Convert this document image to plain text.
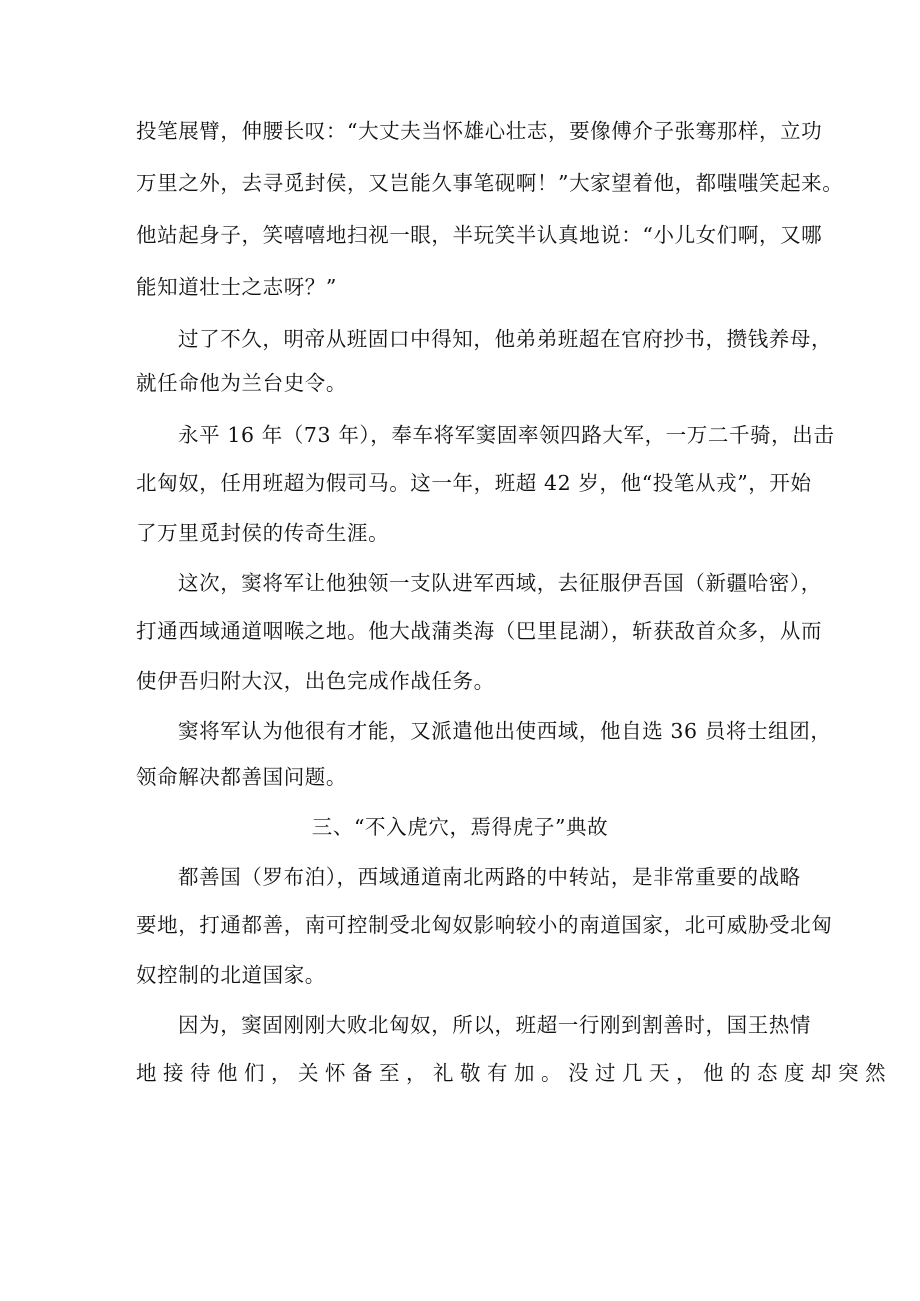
投笔展臂，伸腰长叹：“大丈夫当怀雄心壮志，要像傅介子张骞那样，立功
万里之外，去寻觅封侯，又岂能久事笔砚啊！”大家望着他，都嗤嗤笑起来。
他站起身子，笑嘻嘻地扫视一眼，半玩笑半认真地说：“小儿女们啊，又哪
能知道壮士之志呀？”
过了不久，明帝从班固口中得知，他弟弟班超在官府抄书，攒钱养母，
就任命他为兰台史令。
永平 16 年（73 年），奉车将军窦固率领四路大军，一万二千骑，出击
北匈奴，任用班超为假司马。这一年，班超 42 岁，他“投笔从戎”，开始
了万里觅封侯的传奇生涯。
这次，窦将军让他独领一支队进军西域，去征服伊吾国（新疆哈密），
打通西域通道咽喉之地。他大战蒲类海（巴里昆湖），斩获敌首众多，从而
使伊吾归附大汉，出色完成作战任务。
窦将军认为他很有才能，又派遣他出使西域，他自选 36 员将士组团，
领命解决都善国问题。
三、“不入虎穴，焉得虎子”典故
都善国（罗布泊），西域通道南北两路的中转站，是非常重要的战略
要地，打通都善，南可控制受北匈奴影响较小的南道国家，北可威胁受北匈
奴控制的北道国家。
因为，窦固刚刚大败北匈奴，所以，班超一行刚到割善时，国王热情
地接待他们，关怀备至，礼敬有加。没过几天，他的态度却突然
